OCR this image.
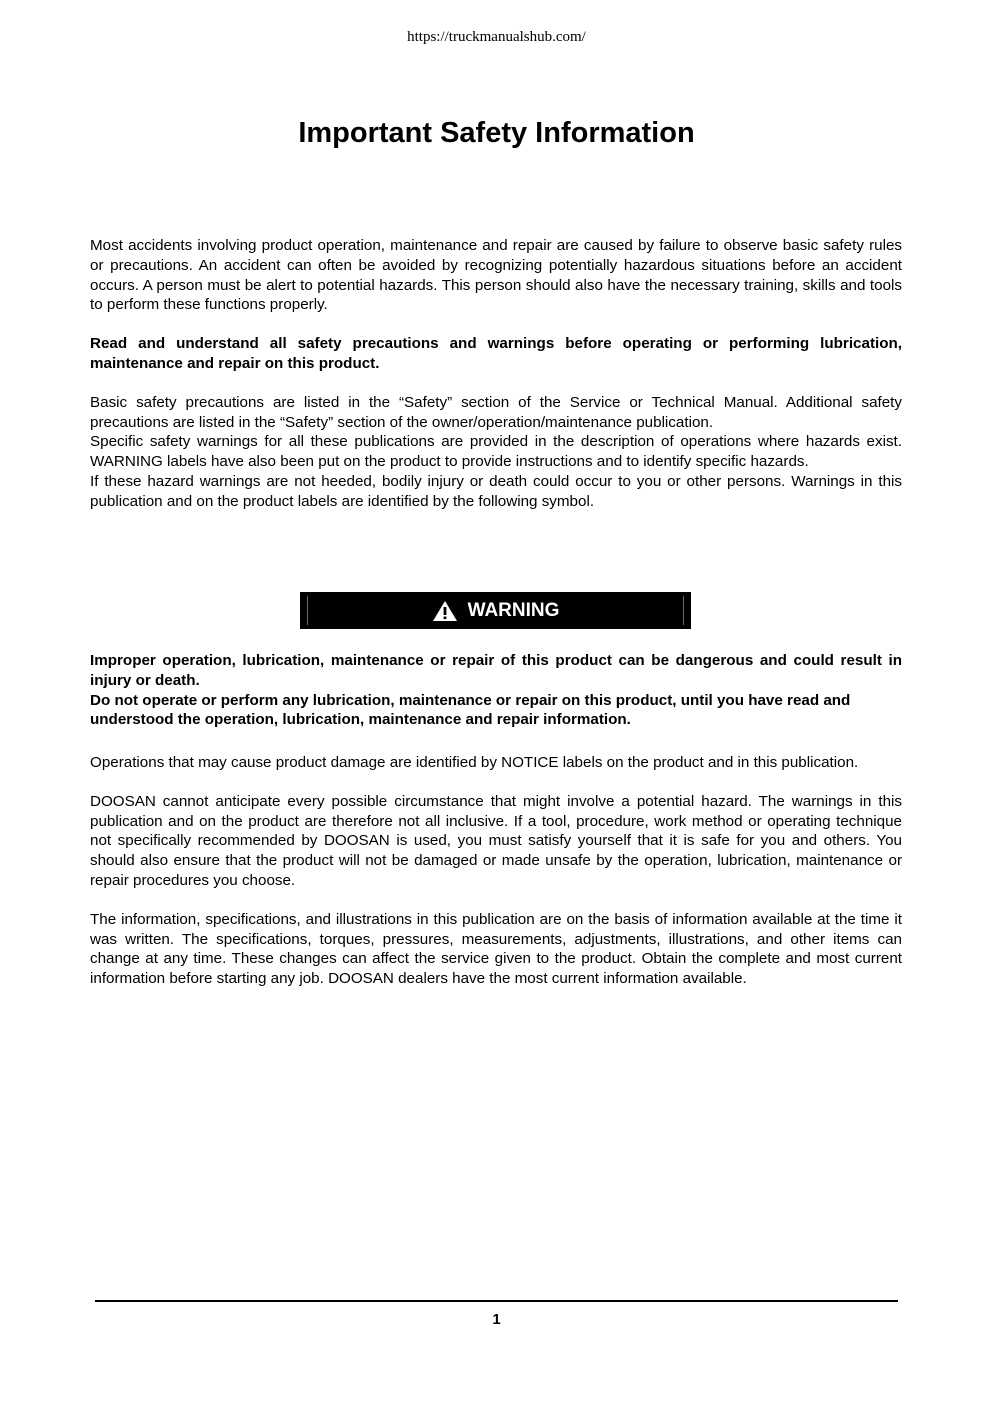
https://truckmanualshub.com/
Important Safety Information

Most accidents involving product operation, maintenance and repair are caused by failure to observe basic safety rules or precautions. An accident can often be avoided by recognizing potentially hazardous situations before an accident occurs. A person must be alert to potential hazards. This person should also have the necessary training, skills and tools to perform these functions properly.

Read and understand all safety precautions and warnings before operating or performing lubrication, maintenance and repair on this product.

Basic safety precautions are listed in the “Safety” section of the Service or Technical Manual. Additional safety precautions are listed in the “Safety” section of the owner/operation/maintenance publication.

Specific safety warnings for all these publications are provided in the description of operations where hazards exist. WARNING labels have also been put on the product to provide instructions and to identify specific hazards.

If these hazard warnings are not heeded, bodily injury or death could occur to you or other persons. Warnings in this publication and on the product labels are identified by the following symbol.

WARNING

Improper operation, lubrication, maintenance or repair of this product can be dangerous and could result in injury or death.

Do not operate or perform any lubrication, maintenance or repair on this product, until you have read and understood the operation, lubrication, maintenance and repair information.

Operations that may cause product damage are identified by NOTICE labels on the product and in this publication.

DOOSAN cannot anticipate every possible circumstance that might involve a potential hazard. The warnings in this publication and on the product are therefore not all inclusive. If a tool, procedure, work method or operating technique not specifically recommended by DOOSAN is used, you must satisfy yourself that it is safe for you and others. You should also ensure that the product will not be damaged or made unsafe by the operation, lubrication, maintenance or repair procedures you choose.

The information, specifications, and illustrations in this publication are on the basis of information available at the time it was written. The specifications, torques, pressures, measurements, adjustments, illustrations, and other items can change at any time. These changes can affect the service given to the product. Obtain the complete and most current information before starting any job. DOOSAN dealers have the most current information available.

1
